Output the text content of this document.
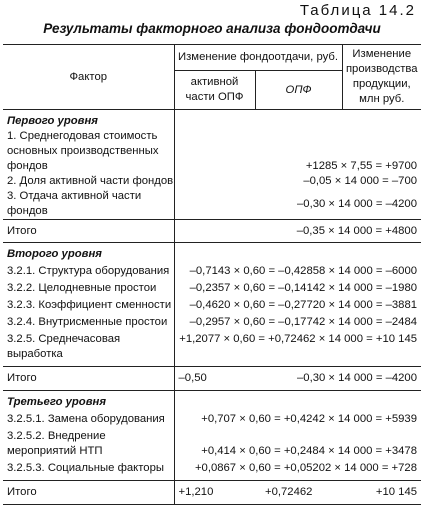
Таблица 14.2
Результаты факторного анализа фондоотдачи
Фактор	Изменение фондоотдачи, руб.		Изменение производства продукции, млн руб.

	активной
части ОПФ	ОПФ	
Первого уровня			
1. Среднегодовая стоимость основных производственных фондов	+1285 × 7,55 = +9700		
2. Доля активной части фондов	–0,05 × 14 000 = –700		
3. Отдача активной части фондов	–0,30 × 14 000 = –4200		
Итого	–0,35 × 14 000 = +4800		
Второго уровня			
3.2.1. Структура оборудования	–0,7143 × 0,60 = –0,42858 × 14 000 = –6000		
3.2.2. Целодневные простои	–0,2357 × 0,60 = –0,14142 × 14 000 = –1980		
3.2.3. Коэффициент сменности	–0,4620 × 0,60 = –0,27720 × 14 000 = –3881		
3.2.4. Внутрисменные простои	–0,2957 × 0,60 = –0,17742 × 14 000 = –2484		
3.2.5. Среднечасовая выработка	+1,2077 × 0,60 = +0,72462 × 14 000 = +10 145		
Итого	–0,50	–0,30 × 14 000 = –4200	
Третьего уровня			
3.2.5.1. Замена оборудования	+0,707 × 0,60 = +0,4242 × 14 000 = +5939		
3.2.5.2. Внедрение мероприятий НТП	+0,414 × 0,60 = +0,2484 × 14 000 = +3478		
3.2.5.3. Социальные факторы	+0,0867 × 0,60 = +0,05202 × 14 000 = +728		
Итого	+1,210	+0,72462	+10 145
